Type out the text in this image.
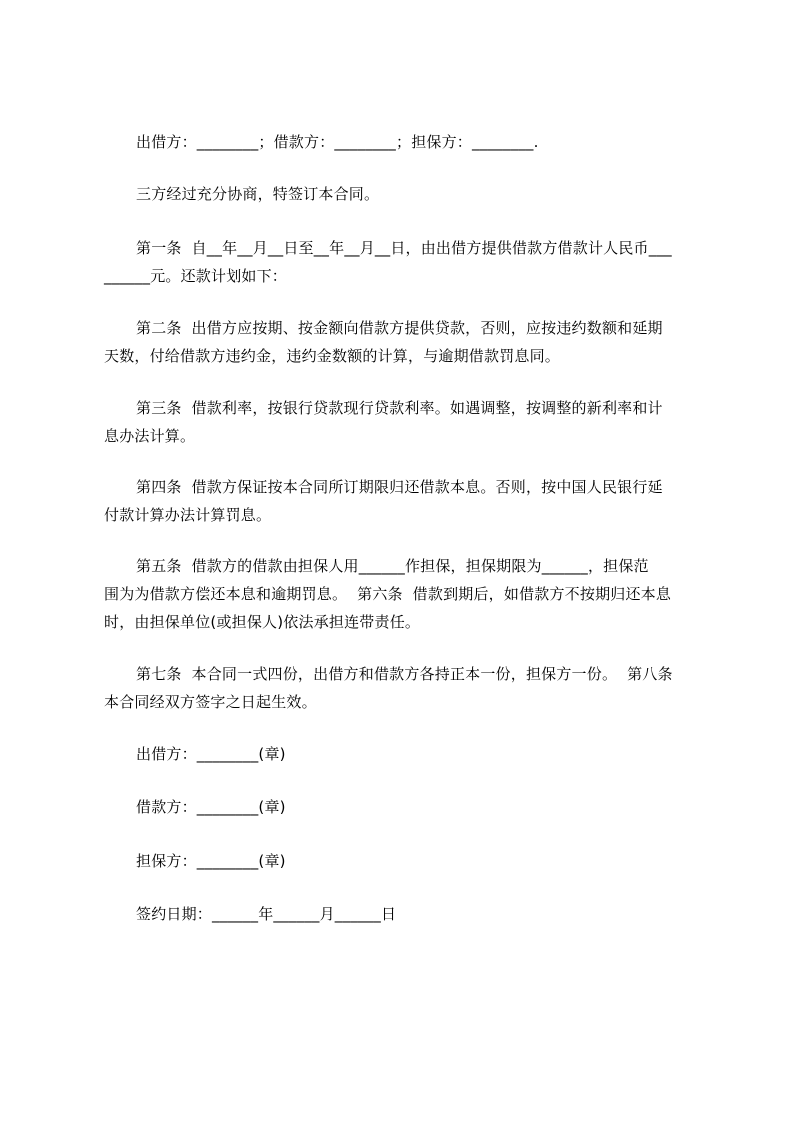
出借方：________；借款方：________；担保方：________.
三方经过充分协商，特签订本合同。
第一条  自__年__月__日至__年__月__日，由出借方提供借款方借款计人民币___
______元。还款计划如下：
第二条  出借方应按期、按金额向借款方提供贷款，否则，应按违约数额和延期
天数，付给借款方违约金，违约金数额的计算，与逾期借款罚息同。
第三条  借款利率，按银行贷款现行贷款利率。如遇调整，按调整的新利率和计
息办法计算。
第四条  借款方保证按本合同所订期限归还借款本息。否则，按中国人民银行延
付款计算办法计算罚息。
第五条  借款方的借款由担保人用______作担保，担保期限为______，担保范
围为为借款方偿还本息和逾期罚息。  第六条  借款到期后，如借款方不按期归还本息
时，由担保单位(或担保人)依法承担连带责任。
第七条  本合同一式四份，出借方和借款方各持正本一份，担保方一份。  第八条
本合同经双方签字之日起生效。
出借方：________(章)
借款方：________(章)
担保方：________(章)
签约日期：______年______月______日
